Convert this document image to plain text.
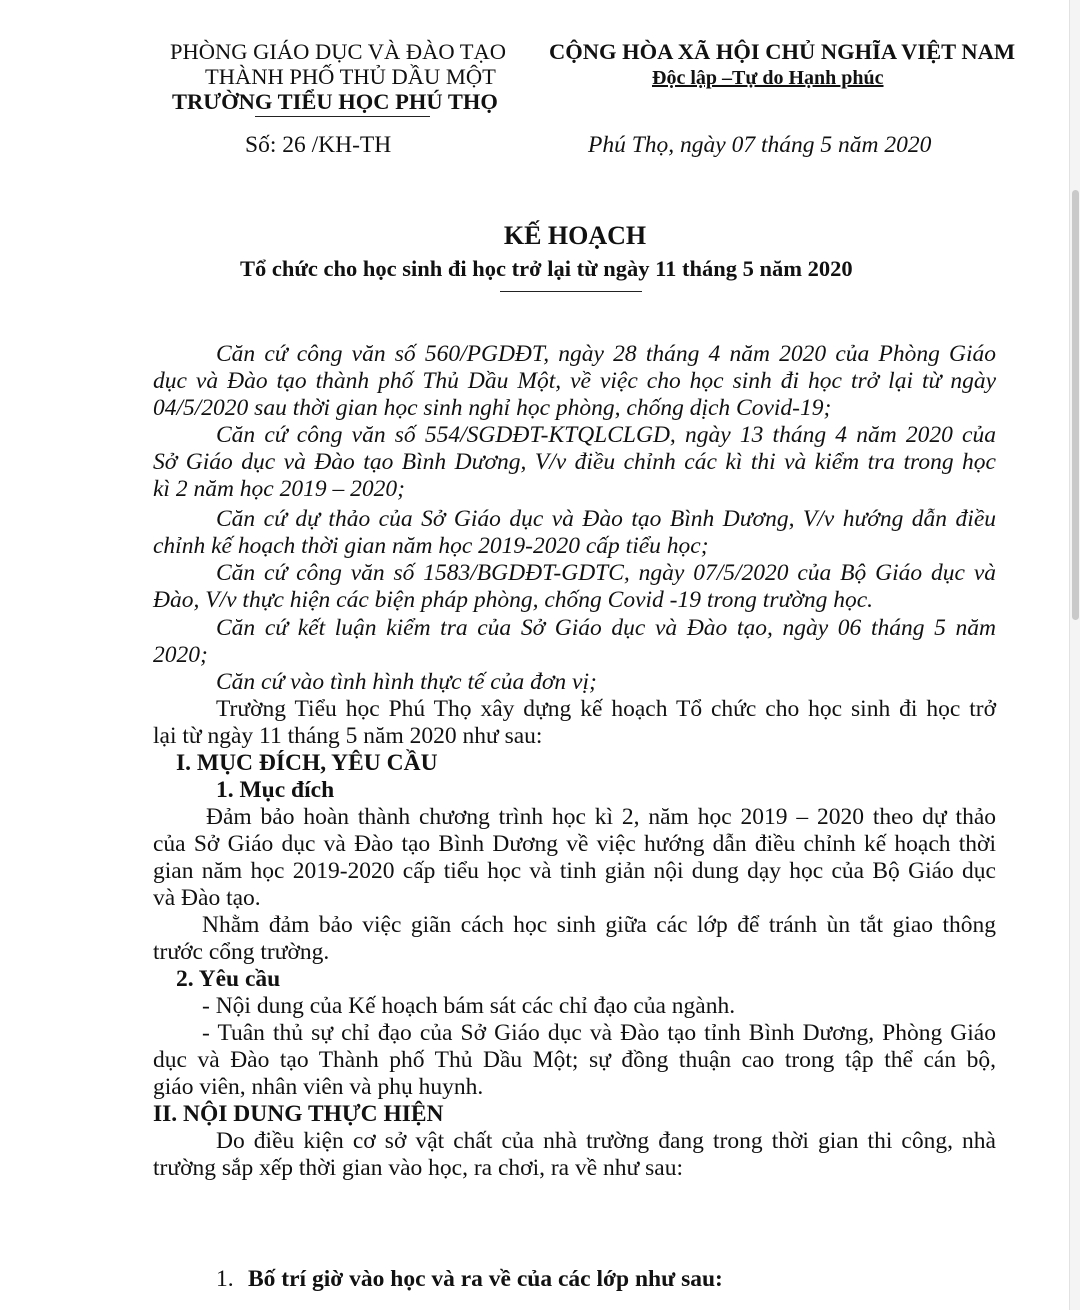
PHÒNG GIÁO DỤC VÀ ĐÀO TẠO
THÀNH PHỐ THỦ DẦU MỘT
TRƯỜNG TIỂU HỌC PHÚ THỌ
CỘNG HÒA XÃ HỘI CHỦ NGHĨA VIỆT NAM
Độc lập –Tự do Hạnh phúc
Số: 26 /KH-TH	Phú Thọ, ngày 07 tháng 5 năm 2020
KẾ HOẠCH
Tổ chức cho học sinh đi học trở lại từ ngày 11 tháng 5 năm 2020
Căn cứ công văn số 560/PGDĐT, ngày 28 tháng 4 năm 2020 của Phòng Giáo
dục và Đào tạo thành phố Thủ Dầu Một, về việc cho học sinh đi học trở lại từ ngày
04/5/2020 sau thời gian học sinh nghỉ học phòng, chống dịch Covid-19;
Căn cứ công văn số 554/SGDĐT-KTQLCLGD, ngày 13 tháng 4 năm 2020 của
Sở Giáo dục và Đào tạo Bình Dương, V/v điều chỉnh các kì thi và kiểm tra trong học
kì 2 năm học 2019 – 2020;
Căn cứ dự thảo của Sở Giáo dục và Đào tạo Bình Dương, V/v hướng dẫn điều
chỉnh kế hoạch thời gian năm học 2019-2020 cấp tiểu học;
Căn cứ công văn số 1583/BGDĐT-GDTC, ngày 07/5/2020 của Bộ Giáo dục và
Đào, V/v thực hiện các biện pháp phòng, chống Covid -19 trong trường học.
Căn cứ kết luận kiểm tra của Sở Giáo dục và Đào tạo, ngày 06 tháng 5 năm
2020;
Căn cứ vào tình hình thực tế của đơn vị;
Trường Tiểu học Phú Thọ xây dựng kế hoạch Tổ chức cho học sinh đi học trở
lại từ ngày 11 tháng 5 năm 2020 như sau:
I. MỤC ĐÍCH, YÊU CẦU
1. Mục đích
Đảm bảo hoàn thành chương trình học kì 2, năm học 2019 – 2020 theo dự thảo
của Sở Giáo dục và Đào tạo Bình Dương về việc hướng dẫn điều chỉnh kế hoạch thời
gian năm học 2019-2020 cấp tiểu học và tinh giản nội dung dạy học của Bộ Giáo dục
và Đào tạo.
Nhằm đảm bảo việc giãn cách học sinh giữa các lớp để tránh ùn tắt giao thông
trước cổng trường.
2. Yêu cầu
- Nội dung của Kế hoạch bám sát các chỉ đạo của ngành.
- Tuân thủ sự chỉ đạo của Sở Giáo dục và Đào tạo tỉnh Bình Dương, Phòng Giáo
dục và Đào tạo Thành phố Thủ Dầu Một; sự đồng thuận cao trong tập thể cán bộ,
giáo viên, nhân viên và phụ huynh.
II. NỘI DUNG THỰC HIỆN
Do điều kiện cơ sở vật chất của nhà trường đang trong thời gian thi công, nhà
trường sắp xếp thời gian vào học, ra chơi, ra về như sau:
1. Bố trí giờ vào học và ra về của các lớp như sau:
